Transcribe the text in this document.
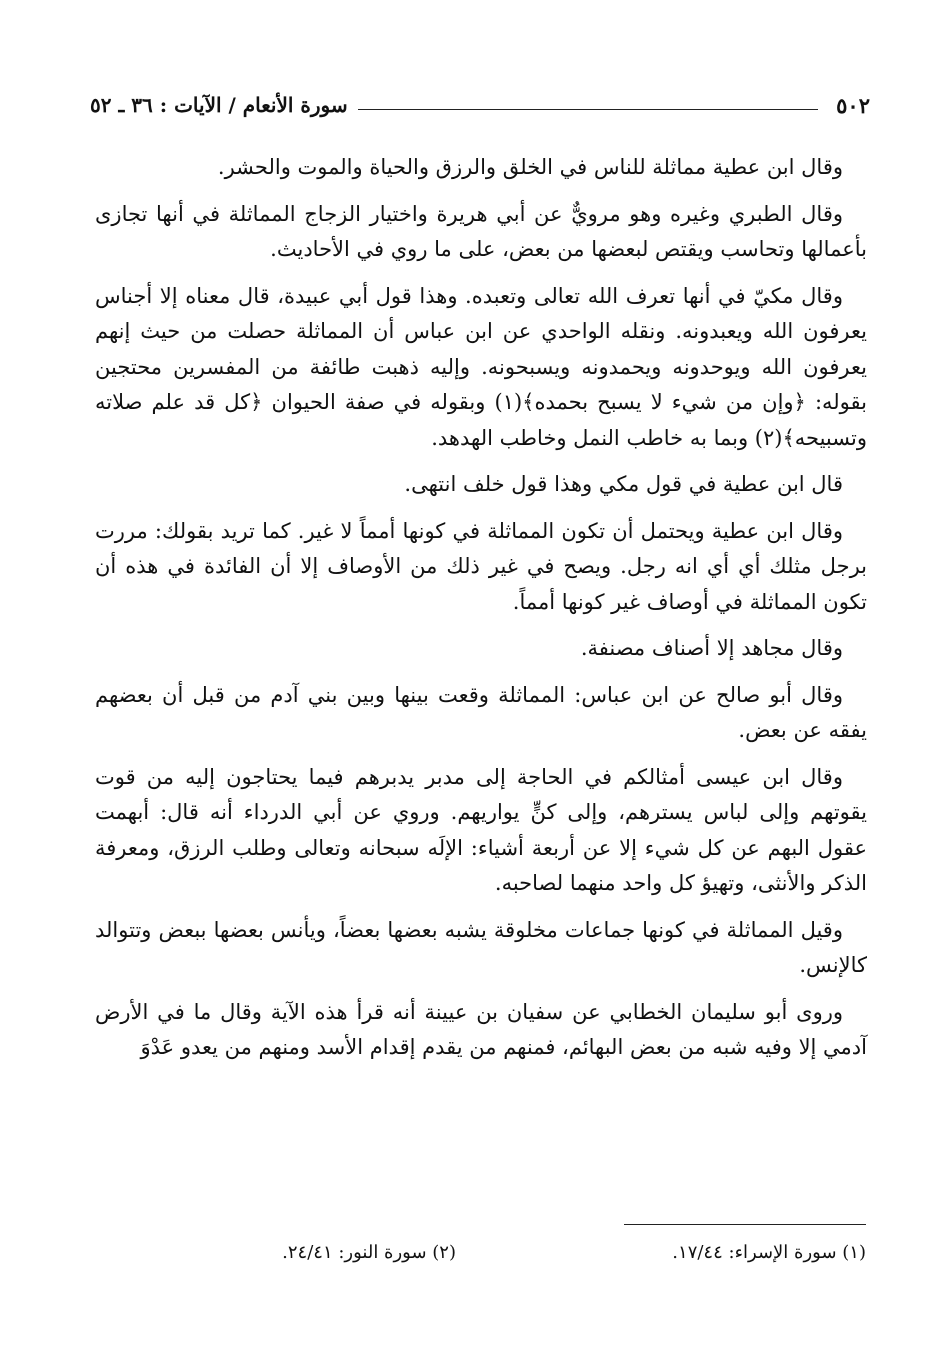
٥٠٢
سورة الأنعام / الآيات : ٣٦ ـ ٥٢

وقال ابن عطية مماثلة للناس في الخلق والرزق والحياة والموت والحشر.

وقال الطبري وغيره وهو مرويٌّ عن أبي هريرة واختيار الزجاج المماثلة في أنها تجازى بأعمالها وتحاسب ويقتص لبعضها من بعض، على ما روي في الأحاديث.

وقال مكيّ في أنها تعرف الله تعالى وتعبده. وهذا قول أبي عبيدة، قال معناه إلا أجناس يعرفون الله ويعبدونه. ونقله الواحدي عن ابن عباس أن المماثلة حصلت من حيث إنهم يعرفون الله ويوحدونه ويحمدونه ويسبحونه. وإليه ذهبت طائفة من المفسرين محتجين بقوله: ﴿وإن من شيء لا يسبح بحمده﴾(١) وبقوله في صفة الحيوان ﴿كل قد علم صلاته وتسبيحه﴾(٢) وبما به خاطب النمل وخاطب الهدهد.

قال ابن عطية في قول مكي وهذا قول خلف انتهى.

وقال ابن عطية ويحتمل أن تكون المماثلة في كونها أمماً لا غير. كما تريد بقولك: مررت برجل مثلك أي أي انه رجل. ويصح في غير ذلك من الأوصاف إلا أن الفائدة في هذه أن تكون المماثلة في أوصاف غير كونها أمماً.

وقال مجاهد إلا أصناف مصنفة.

وقال أبو صالح عن ابن عباس: المماثلة وقعت بينها وبين بني آدم من قبل أن بعضهم يفقه عن بعض.

وقال ابن عيسى أمثالكم في الحاجة إلى مدبر يدبرهم فيما يحتاجون إليه من قوت يقوتهم وإلى لباس يسترهم، وإلى كنٍّ يواريهم. وروي عن أبي الدرداء أنه قال: أبهمت عقول البهم عن كل شيء إلا عن أربعة أشياء: الإلَه سبحانه وتعالى وطلب الرزق، ومعرفة الذكر والأنثى، وتهيؤ كل واحد منهما لصاحبه.

وقيل المماثلة في كونها جماعات مخلوقة يشبه بعضها بعضاً، ويأنس بعضها ببعض وتتوالد كالإنس.

وروى أبو سليمان الخطابي عن سفيان بن عيينة أنه قرأ هذه الآية وقال ما في الأرض آدمي إلا وفيه شبه من بعض البهائم، فمنهم من يقدم إقدام الأسد ومنهم من يعدو عَدْوَ

(١) سورة الإسراء: ١٧/٤٤.
(٢) سورة النور: ٢٤/٤١.
